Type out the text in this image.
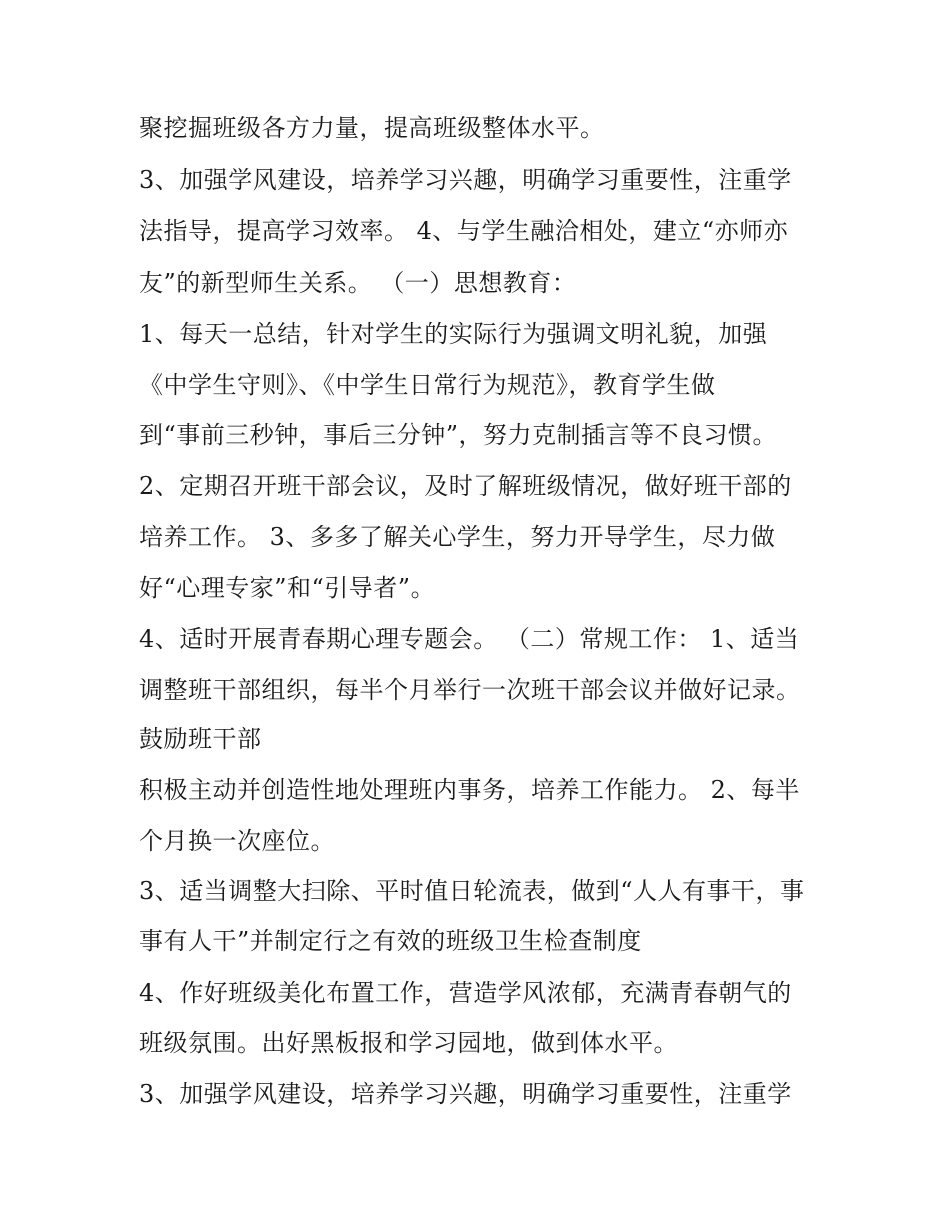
聚挖掘班级各方力量，提高班级整体水平。
3、加强学风建设，培养学习兴趣，明确学习重要性，注重学
法指导，提高学习效率。 4、与学生融洽相处，建立“亦师亦
友”的新型师生关系。 （一）思想教育：
1、每天一总结，针对学生的实际行为强调文明礼貌，加强
《中学生守则》、《中学生日常行为规范》，教育学生做
到“事前三秒钟，事后三分钟”，努力克制插言等不良习惯。
2、定期召开班干部会议，及时了解班级情况，做好班干部的
培养工作。 3、多多了解关心学生，努力开导学生，尽力做
好“心理专家”和“引导者”。
4、适时开展青春期心理专题会。 （二）常规工作： 1、适当
调整班干部组织，每半个月举行一次班干部会议并做好记录。
鼓励班干部
积极主动并创造性地处理班内事务，培养工作能力。 2、每半
个月换一次座位。
3、适当调整大扫除、平时值日轮流表，做到“人人有事干，事
事有人干”并制定行之有效的班级卫生检查制度
4、作好班级美化布置工作，营造学风浓郁，充满青春朝气的
班级氛围。出好黑板报和学习园地，做到体水平。
3、加强学风建设，培养学习兴趣，明确学习重要性，注重学
